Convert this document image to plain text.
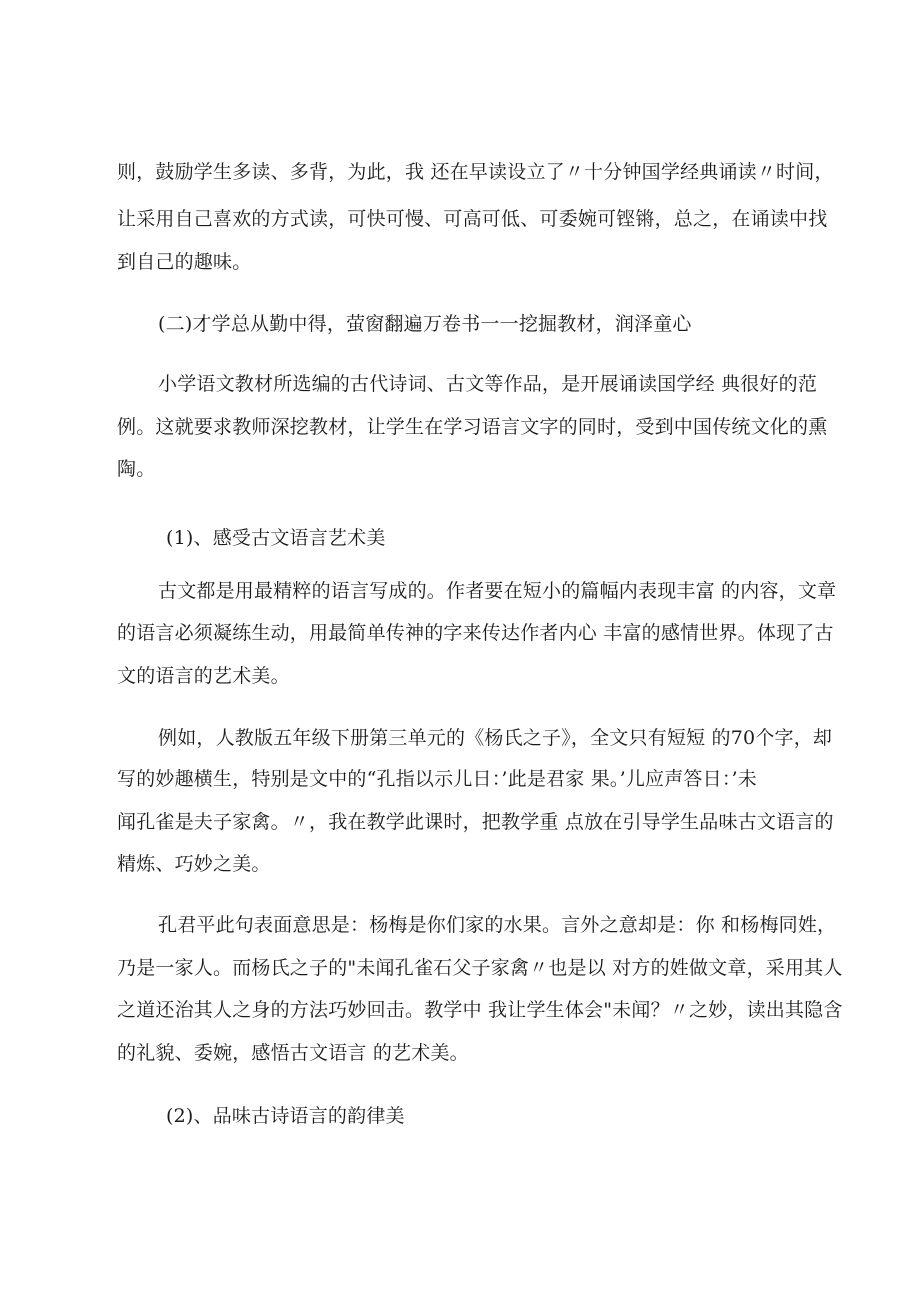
则，鼓励学生多读、多背，为此，我 还在早读设立了〃十分钟国学经典诵读〃时间，
让采用自己喜欢的方式读，可快可慢、可高可低、可委婉可铿锵，总之，在诵读中找
到自己的趣味。
(二)才学总从勤中得，萤窗翻遍万卷书一一挖掘教材，润泽童心
小学语文教材所选编的古代诗词、古文等作品，是开展诵读国学经 典很好的范
例。这就要求教师深挖教材，让学生在学习语言文字的同时，受到中国传统文化的熏
陶。
(1)、感受古文语言艺术美
古文都是用最精粹的语言写成的。作者要在短小的篇幅内表现丰富 的内容，文章
的语言必须凝练生动，用最简单传神的字来传达作者内心 丰富的感情世界。体现了古
文的语言的艺术美。
例如，人教版五年级下册第三单元的《杨氏之子》，全文只有短短 的70个字，却
写的妙趣横生，特别是文中的“孔指以示儿日：’此是君家 果。’儿应声答日：’未
闻孔雀是夫子家禽。〃，我在教学此课时，把教学重 点放在引导学生品味古文语言的
精炼、巧妙之美。
孔君平此句表面意思是：杨梅是你们家的水果。言外之意却是：你 和杨梅同姓，
乃是一家人。而杨氏之子的"未闻孔雀石父子家禽〃也是以 对方的姓做文章，采用其人
之道还治其人之身的方法巧妙回击。教学中 我让学生体会"未闻？〃之妙，读出其隐含
的礼貌、委婉，感悟古文语言 的艺术美。
(2)、品味古诗语言的韵律美
